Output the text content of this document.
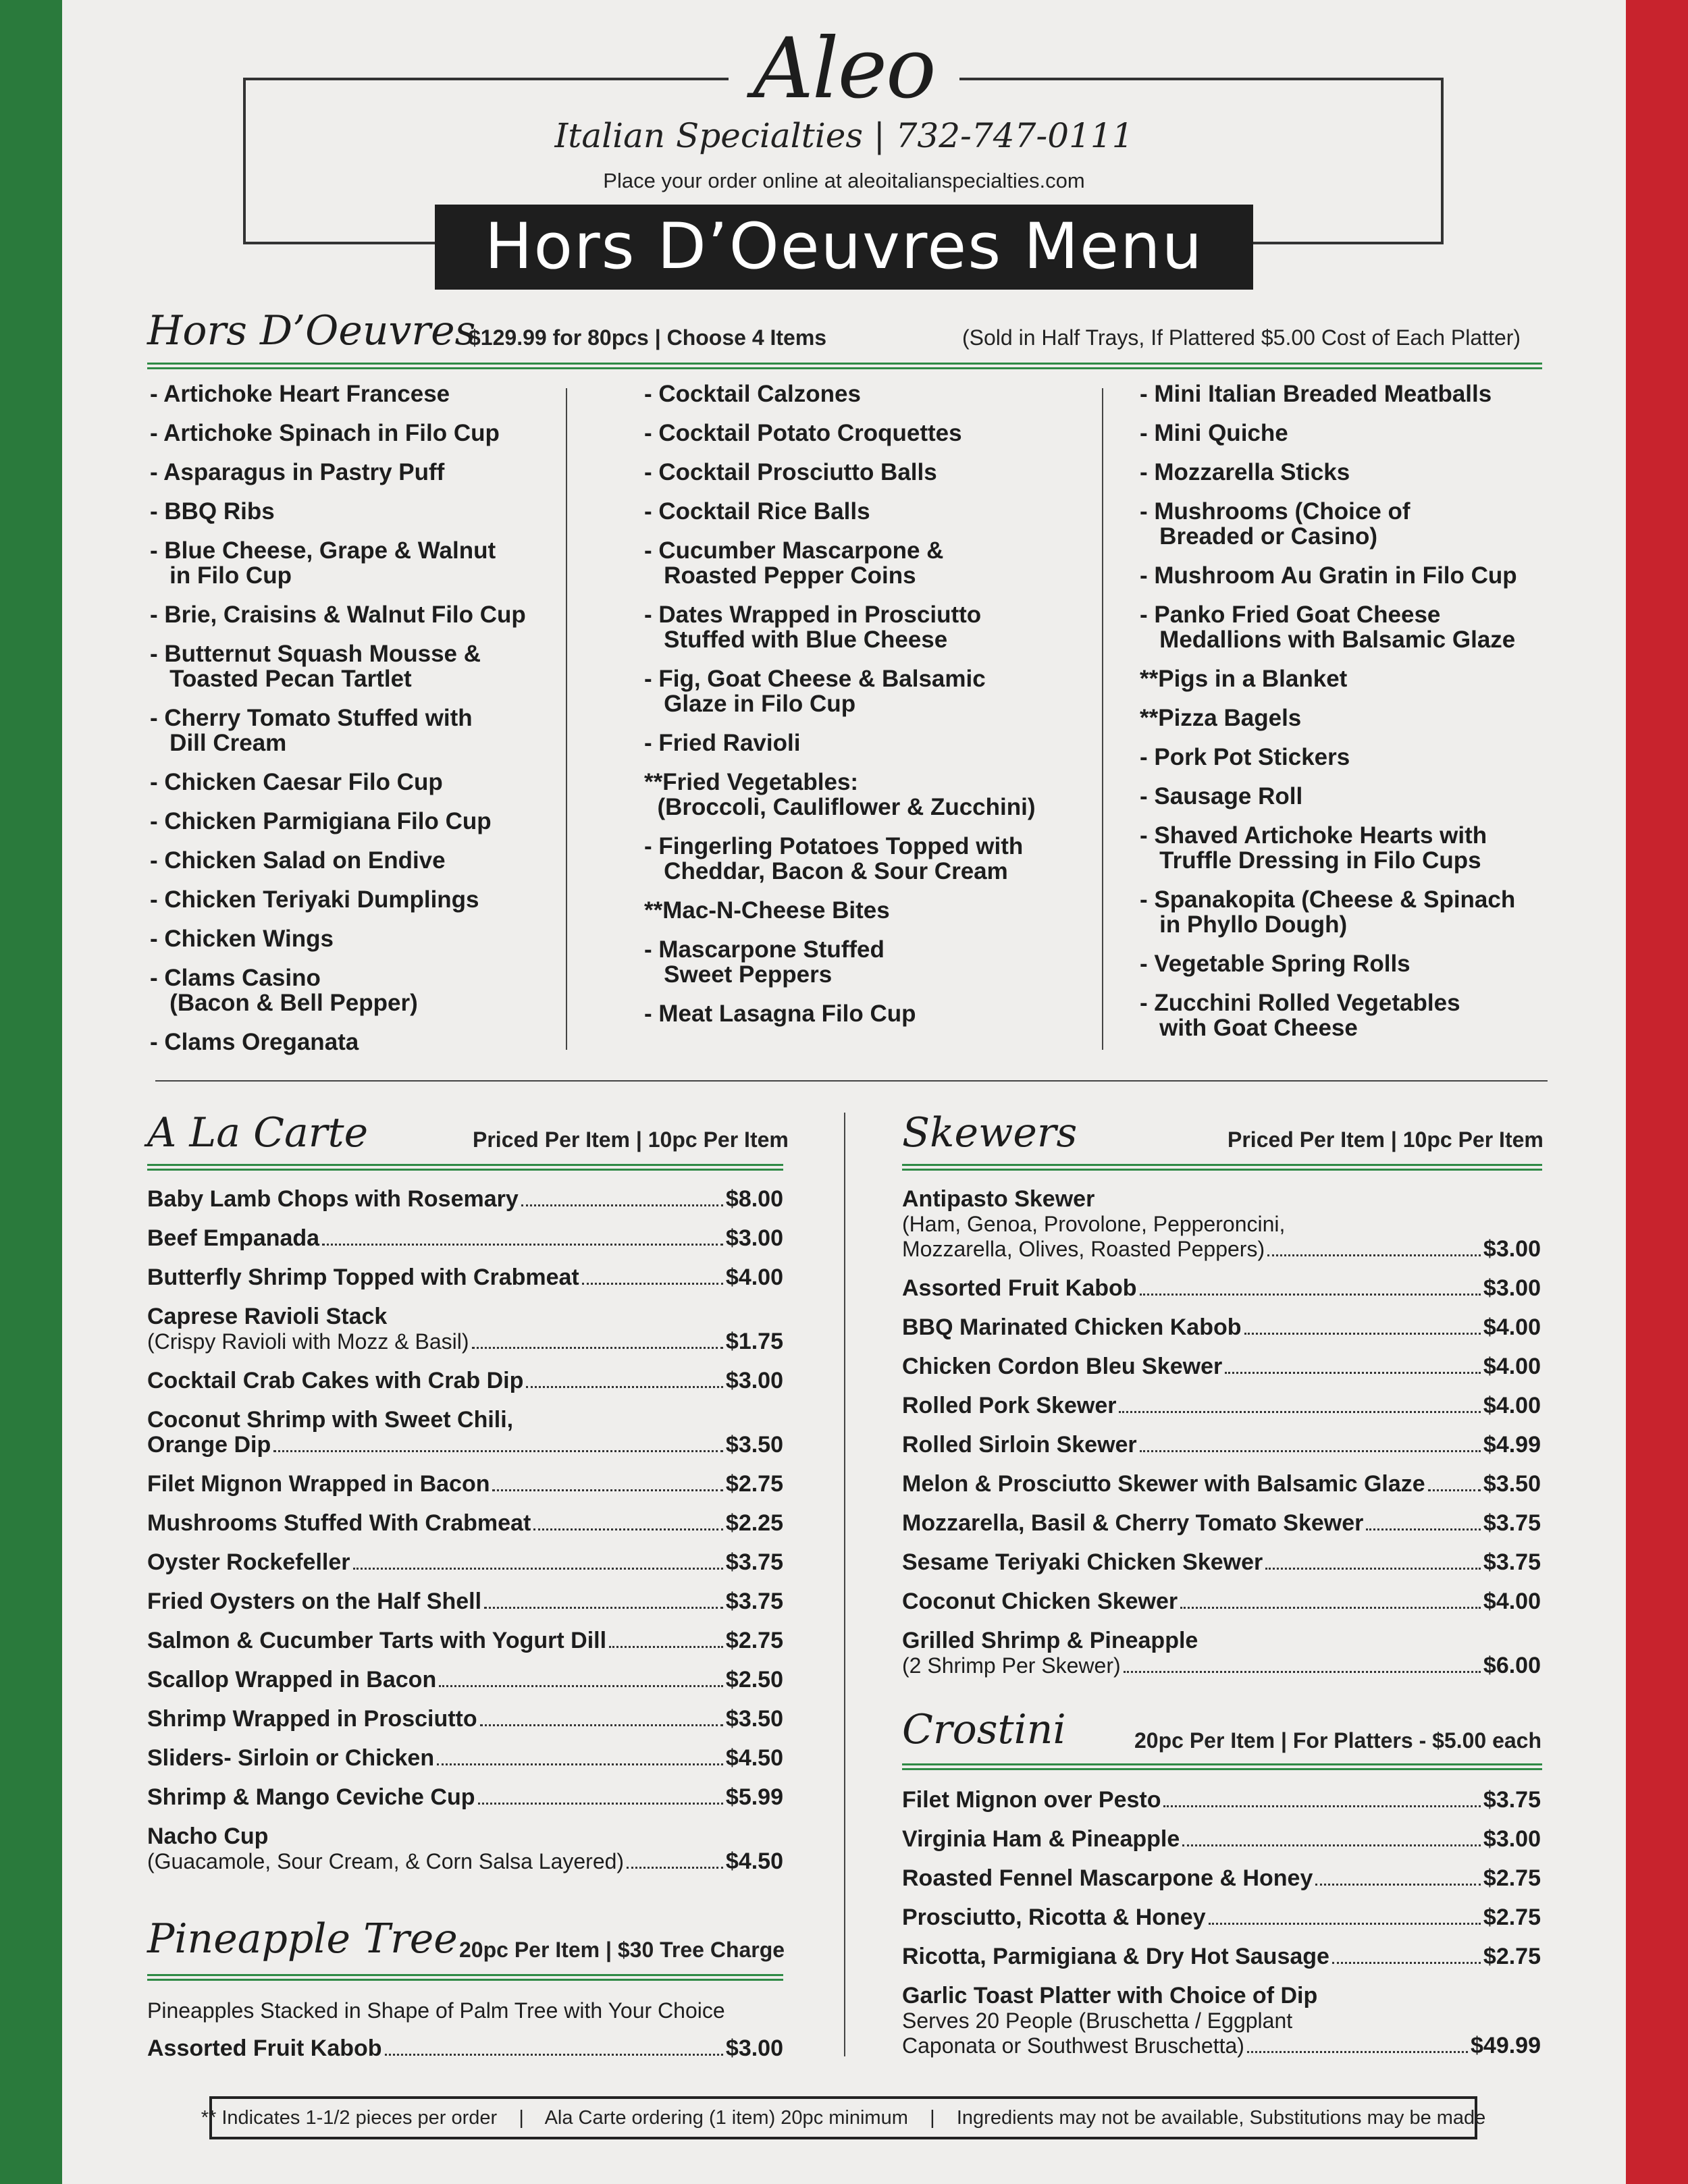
Aleo
Italian Specialties | 732-747-0111
Place your order online at aleoitalianspecialties.com
Hors D’Oeuvres Menu
Hors D’Oeuvres
$129.99 for 80pcs | Choose 4 Items	(Sold in Half Trays, If Plattered $5.00 Cost of Each Platter)
- Artichoke Heart Francese
- Artichoke Spinach in Filo Cup
- Asparagus in Pastry Puff
- BBQ Ribs
- Blue Cheese, Grape & Walnut
in Filo Cup
- Brie, Craisins & Walnut Filo Cup
- Butternut Squash Mousse &
Toasted Pecan Tartlet
- Cherry Tomato Stuffed with
Dill Cream
- Chicken Caesar Filo Cup
- Chicken Parmigiana Filo Cup
- Chicken Salad on Endive
- Chicken Teriyaki Dumplings
- Chicken Wings
- Clams Casino
(Bacon & Bell Pepper)
- Clams Oreganata
- Cocktail Calzones
- Cocktail Potato Croquettes
- Cocktail Prosciutto Balls
- Cocktail Rice Balls
- Cucumber Mascarpone &
Roasted Pepper Coins
- Dates Wrapped in Prosciutto
Stuffed with Blue Cheese
- Fig, Goat Cheese & Balsamic
Glaze in Filo Cup
- Fried Ravioli
**Fried Vegetables:
(Broccoli, Cauliflower & Zucchini)
- Fingerling Potatoes Topped with
Cheddar, Bacon & Sour Cream
**Mac-N-Cheese Bites
- Mascarpone Stuffed
Sweet Peppers
- Meat Lasagna Filo Cup
- Mini Italian Breaded Meatballs
- Mini Quiche
- Mozzarella Sticks
- Mushrooms (Choice of
Breaded or Casino)
- Mushroom Au Gratin in Filo Cup
- Panko Fried Goat Cheese
Medallions with Balsamic Glaze
**Pigs in a Blanket
**Pizza Bagels
- Pork Pot Stickers
- Sausage Roll
- Shaved Artichoke Hearts with
Truffle Dressing in Filo Cups
- Spanakopita (Cheese & Spinach
in Phyllo Dough)
- Vegetable Spring Rolls
- Zucchini Rolled Vegetables
with Goat Cheese
A La Carte	Priced Per Item | 10pc Per Item
Baby Lamb Chops with Rosemary	$8.00
Beef Empanada	$3.00
Butterfly Shrimp Topped with Crabmeat	$4.00
Caprese Ravioli Stack
(Crispy Ravioli with Mozz & Basil)	$1.75
Cocktail Crab Cakes with Crab Dip	$3.00
Coconut Shrimp with Sweet Chili,
Orange Dip	$3.50
Filet Mignon Wrapped in Bacon	$2.75
Mushrooms Stuffed With Crabmeat	$2.25
Oyster Rockefeller	$3.75
Fried Oysters on the Half Shell	$3.75
Salmon & Cucumber Tarts with Yogurt Dill	$2.75
Scallop Wrapped in Bacon	$2.50
Shrimp Wrapped in Prosciutto	$3.50
Sliders- Sirloin or Chicken	$4.50
Shrimp & Mango Ceviche Cup	$5.99
Nacho Cup
(Guacamole, Sour Cream, & Corn Salsa Layered)	$4.50
Pineapple Tree 20pc Per Item | $30 Tree Charge
Pineapples Stacked in Shape of Palm Tree with Your Choice
Assorted Fruit Kabob	$3.00
Skewers	Priced Per Item | 10pc Per Item
Antipasto Skewer
(Ham, Genoa, Provolone, Pepperoncini,
Mozzarella, Olives, Roasted Peppers)	$3.00
Assorted Fruit Kabob	$3.00
BBQ Marinated Chicken Kabob	$4.00
Chicken Cordon Bleu Skewer	$4.00
Rolled Pork Skewer	$4.00
Rolled Sirloin Skewer	$4.99
Melon & Prosciutto Skewer with Balsamic Glaze	$3.50
Mozzarella, Basil & Cherry Tomato Skewer	$3.75
Sesame Teriyaki Chicken Skewer	$3.75
Coconut Chicken Skewer	$4.00
Grilled Shrimp & Pineapple
(2 Shrimp Per Skewer)	$6.00
Crostini	20pc Per Item | For Platters - $5.00 each
Filet Mignon over Pesto	$3.75
Virginia Ham & Pineapple	$3.00
Roasted Fennel Mascarpone & Honey	$2.75
Prosciutto, Ricotta & Honey	$2.75
Ricotta, Parmigiana & Dry Hot Sausage	$2.75
Garlic Toast Platter with Choice of Dip
Serves 20 People (Bruschetta / Eggplant
Caponata or Southwest Bruschetta)	$49.99
** Indicates 1-1/2 pieces per order    |    Ala Carte ordering (1 item) 20pc minimum    |    Ingredients may not be available, Substitutions may be made
